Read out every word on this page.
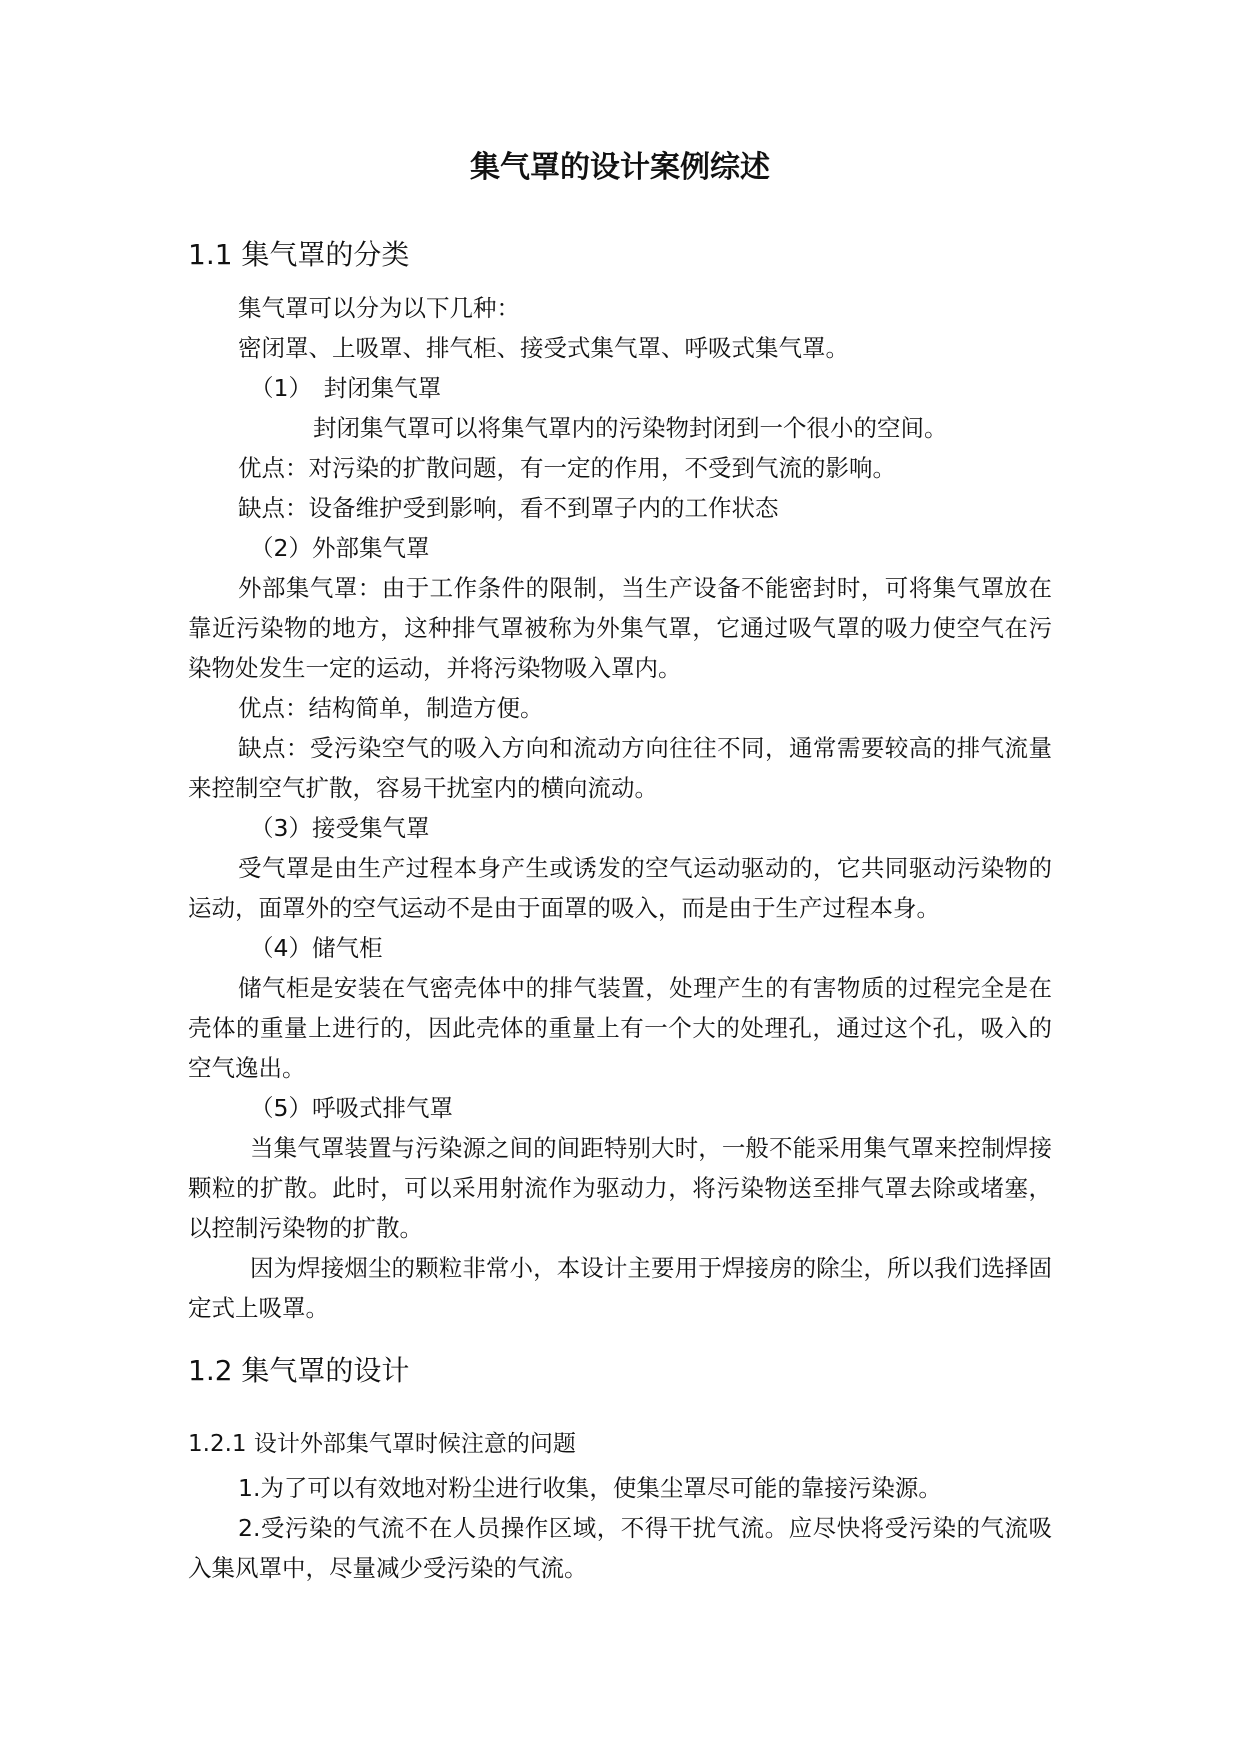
集气罩的设计案例综述
1.1 集气罩的分类

集气罩可以分为以下几种：

密闭罩、上吸罩、排气柜、接受式集气罩、呼吸式集气罩。

（1）　封闭集气罩

封闭集气罩可以将集气罩内的污染物封闭到一个很小的空间。

优点：对污染的扩散问题，有一定的作用，不受到气流的影响。

缺点：设备维护受到影响，看不到罩子内的工作状态

（2）外部集气罩

外部集气罩：由于工作条件的限制，当生产设备不能密封时，可将集气罩放在靠近污染物的地方，这种排气罩被称为外集气罩，它通过吸气罩的吸力使空气在污染物处发生一定的运动，并将污染物吸入罩内。

优点：结构简单，制造方便。

缺点：受污染空气的吸入方向和流动方向往往不同，通常需要较高的排气流量来控制空气扩散，容易干扰室内的横向流动。

（3）接受集气罩

受气罩是由生产过程本身产生或诱发的空气运动驱动的，它共同驱动污染物的运动，面罩外的空气运动不是由于面罩的吸入，而是由于生产过程本身。

（4）储气柜

储气柜是安装在气密壳体中的排气装置，处理产生的有害物质的过程完全是在壳体的重量上进行的，因此壳体的重量上有一个大的处理孔，通过这个孔，吸入的空气逸出。

（5）呼吸式排气罩

当集气罩装置与污染源之间的间距特别大时，一般不能采用集气罩来控制焊接颗粒的扩散。此时，可以采用射流作为驱动力，将污染物送至排气罩去除或堵塞，以控制污染物的扩散。

因为焊接烟尘的颗粒非常小，本设计主要用于焊接房的除尘，所以我们选择固定式上吸罩。

1.2 集气罩的设计
1.2.1 设计外部集气罩时候注意的问题

1.为了可以有效地对粉尘进行收集，使集尘罩尽可能的靠接污染源。

2.受污染的气流不在人员操作区域，不得干扰气流。应尽快将受污染的气流吸入集风罩中，尽量减少受污染的气流。
